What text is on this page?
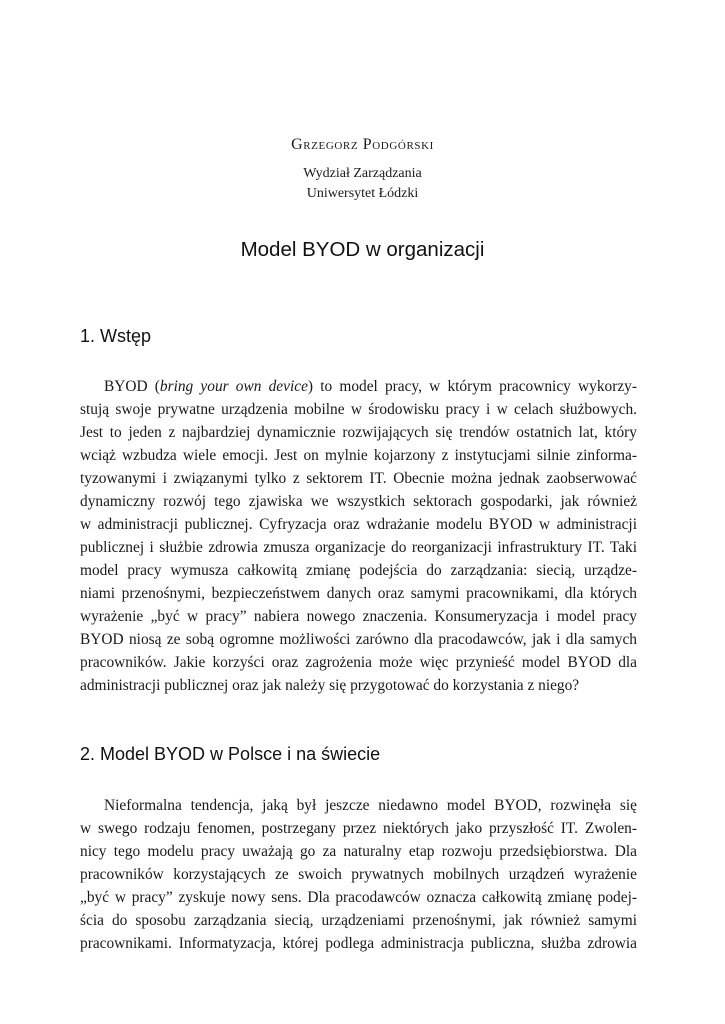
Grzegorz Podgórski
Wydział Zarządzania
Uniwersytet Łódzki
Model BYOD w organizacji
1. Wstęp
BYOD (bring your own device) to model pracy, w którym pracownicy wykorzy-
stują swoje prywatne urządzenia mobilne w środowisku pracy i w celach służbowych.
Jest to jeden z najbardziej dynamicznie rozwijających się trendów ostatnich lat, który
wciąż wzbudza wiele emocji. Jest on mylnie kojarzony z instytucjami silnie zinforma-
tyzowanymi i związanymi tylko z sektorem IT. Obecnie można jednak zaobserwować
dynamiczny rozwój tego zjawiska we wszystkich sektorach gospodarki, jak również
w administracji publicznej. Cyfryzacja oraz wdrażanie modelu BYOD w administracji
publicznej i służbie zdrowia zmusza organizacje do reorganizacji infrastruktury IT. Taki
model pracy wymusza całkowitą zmianę podejścia do zarządzania: siecią, urządze-
niami przenośnymi, bezpieczeństwem danych oraz samymi pracownikami, dla których
wyrażenie „być w pracy” nabiera nowego znaczenia. Konsumeryzacja i model pracy
BYOD niosą ze sobą ogromne możliwości zarówno dla pracodawców, jak i dla samych
pracowników. Jakie korzyści oraz zagrożenia może więc przynieść model BYOD dla
administracji publicznej oraz jak należy się przygotować do korzystania z niego?
2. Model BYOD w Polsce i na świecie
Nieformalna tendencja, jaką był jeszcze niedawno model BYOD, rozwinęła się
w swego rodzaju fenomen, postrzegany przez niektórych jako przyszłość IT. Zwolen-
nicy tego modelu pracy uważają go za naturalny etap rozwoju przedsiębiorstwa. Dla
pracowników korzystających ze swoich prywatnych mobilnych urządzeń wyrażenie
„być w pracy” zyskuje nowy sens. Dla pracodawców oznacza całkowitą zmianę podej-
ścia do sposobu zarządzania siecią, urządzeniami przenośnymi, jak również samymi
pracownikami. Informatyzacja, której podlega administracja publiczna, służba zdrowia
